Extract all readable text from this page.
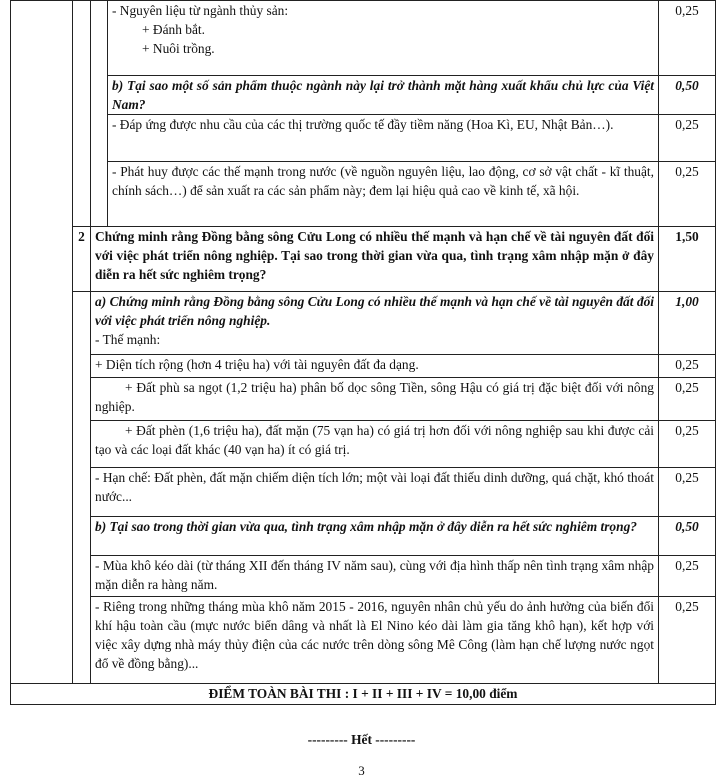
			- Nguyên liệu từ ngành thủy sản:

+ Đánh bắt.

+ Nuôi trồng.	0,25
			b) Tại sao một số sản phẩm thuộc ngành này lại trở thành mặt hàng xuất khẩu chủ lực của Việt Nam?	0,50
			- Đáp ứng được nhu cầu của các thị trường quốc tế đầy tiềm năng (Hoa Kì, EU, Nhật Bản…).	0,25
			- Phát huy được các thế mạnh trong nước (về nguồn nguyên liệu, lao động, cơ sở vật chất - kĩ thuật, chính sách…) để sản xuất ra các sản phẩm này; đem lại hiệu quả cao về kinh tế, xã hội.	0,25
	2	Chứng minh rằng Đồng bằng sông Cửu Long có nhiều thế mạnh và hạn chế về tài nguyên đất đối với việc phát triển nông nghiệp. Tại sao trong thời gian vừa qua, tình trạng xâm nhập mặn ở đây diễn ra hết sức nghiêm trọng?		1,50

		a) Chứng minh rằng Đồng bằng sông Cửu Long có nhiều thế mạnh và hạn chế về tài nguyên đất đối với việc phát triển nông nghiệp.

- Thế mạnh:		1,00
		+ Diện tích rộng (hơn 4 triệu ha) với tài nguyên đất đa dạng.		0,25
		+ Đất phù sa ngọt (1,2 triệu ha) phân bố dọc sông Tiền, sông Hậu có giá trị đặc biệt đối với nông nghiệp.		0,25
		+ Đất phèn (1,6 triệu ha), đất mặn (75 vạn ha) có giá trị hơn đối với nông nghiệp sau khi được cải tạo và các loại đất khác (40 vạn ha) ít có giá trị.		0,25
		- Hạn chế: Đất phèn, đất mặn chiếm diện tích lớn; một vài loại đất thiếu dinh dưỡng, quá chặt, khó thoát nước...		0,25
		b) Tại sao trong thời gian vừa qua, tình trạng xâm nhập mặn ở đây diễn ra hết sức nghiêm trọng?		0,50
		- Mùa khô kéo dài (từ tháng XII đến tháng IV năm sau), cùng với địa hình thấp nên tình trạng xâm nhập mặn diễn ra hàng năm.		0,25
		- Riêng trong những tháng mùa khô năm 2015 - 2016, nguyên nhân chủ yếu do ảnh hưởng của biến đổi khí hậu toàn cầu (mực nước biển dâng và nhất là El Nino kéo dài làm gia tăng khô hạn), kết hợp với việc xây dựng nhà máy thủy điện của các nước trên dòng sông Mê Công (làm hạn chế lượng nước ngọt đổ về đồng bằng)...		0,25
ĐIỂM TOÀN BÀI THI : I + II + III + IV = 10,00 điểm				
--------- Hết ---------
3
